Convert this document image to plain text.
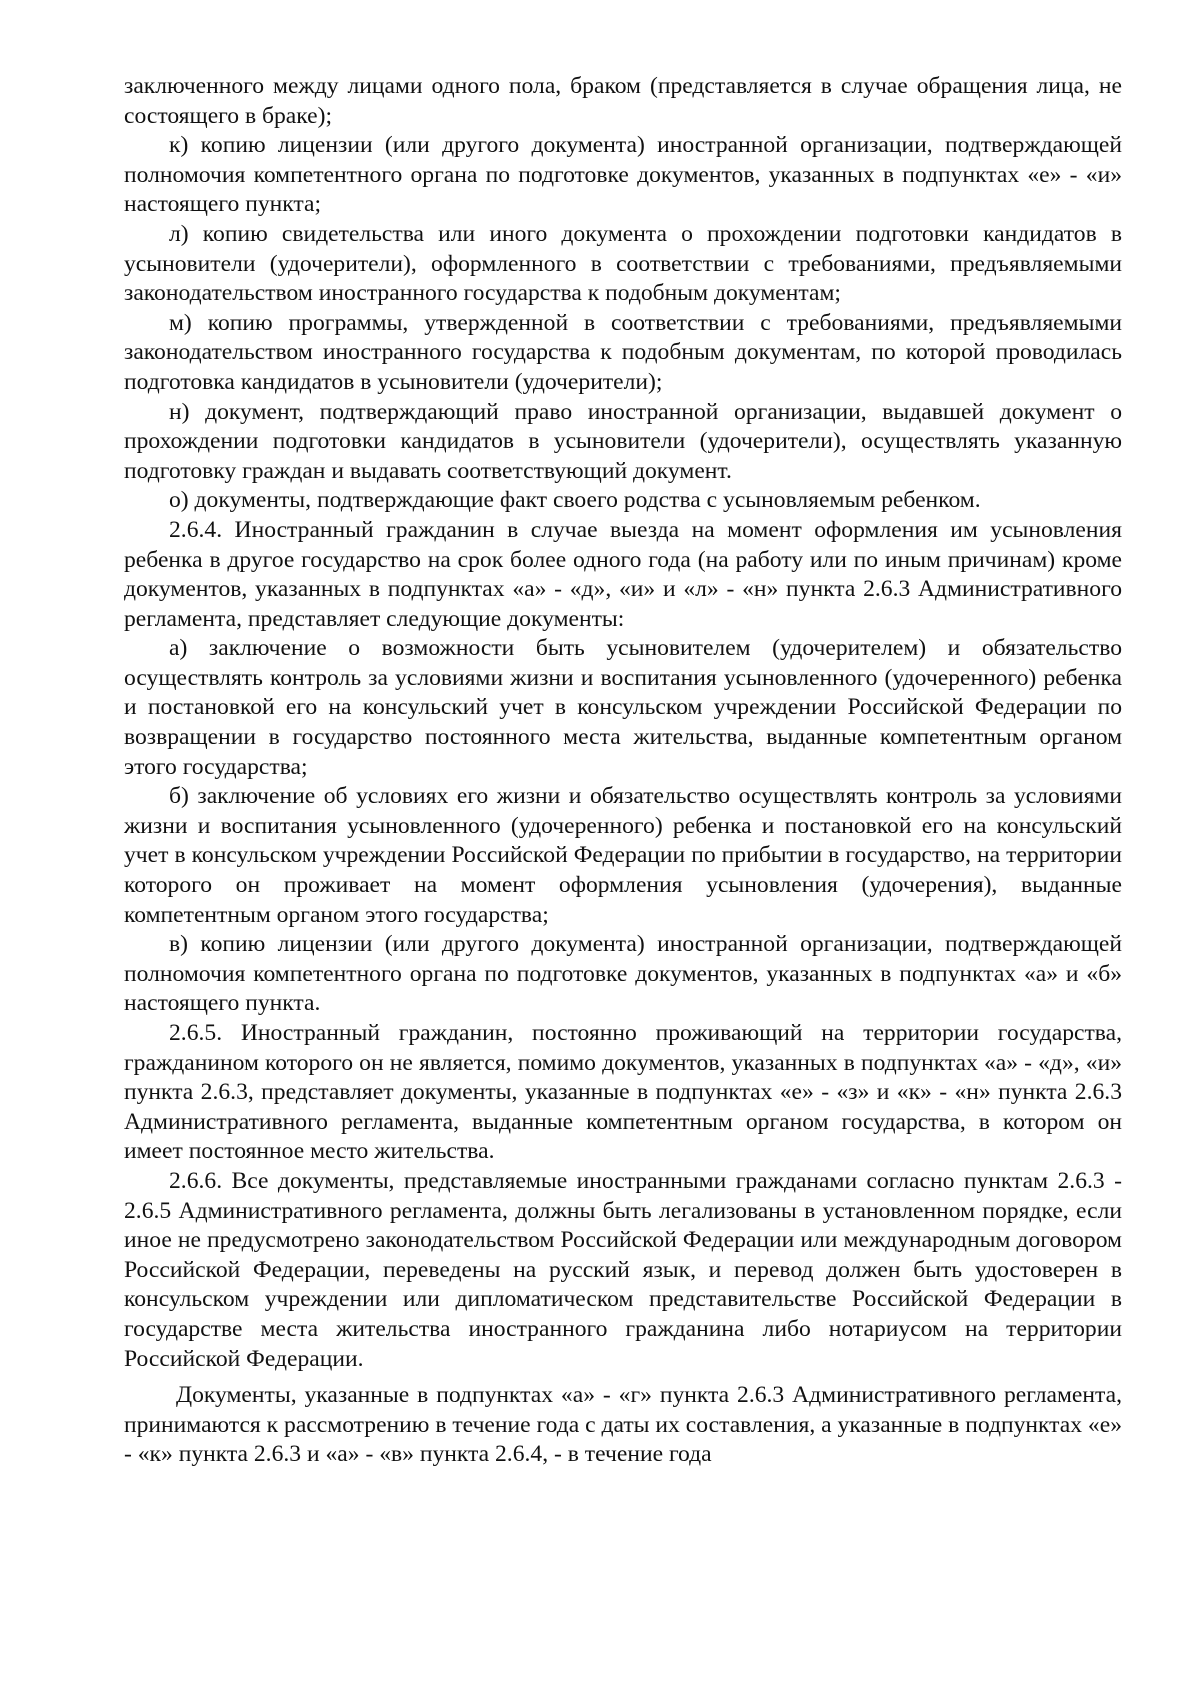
заключенного между лицами одного пола, браком (представляется в случае обращения лица, не состоящего в браке);

к) копию лицензии (или другого документа) иностранной организации, подтверждающей полномочия компетентного органа по подготовке документов, указанных в подпунктах «е» - «и» настоящего пункта;

л) копию свидетельства или иного документа о прохождении подготовки кандидатов в усыновители (удочерители), оформленного в соответствии с требованиями, предъявляемыми законодательством иностранного государства к подобным документам;

м) копию программы, утвержденной в соответствии с требованиями, предъявляемыми законодательством иностранного государства к подобным документам, по которой проводилась подготовка кандидатов в усыновители (удочерители);

н) документ, подтверждающий право иностранной организации, выдавшей документ о прохождении подготовки кандидатов в усыновители (удочерители), осуществлять указанную подготовку граждан и выдавать соответствующий документ.

о) документы, подтверждающие факт своего родства с усыновляемым ребенком.

2.6.4. Иностранный гражданин в случае выезда на момент оформления им усыновления ребенка в другое государство на срок более одного года (на работу или по иным причинам) кроме документов, указанных в подпунктах «а» - «д», «и» и «л» - «н» пункта 2.6.3 Административного регламента, представляет следующие документы:

а) заключение о возможности быть усыновителем (удочерителем) и обязательство осуществлять контроль за условиями жизни и воспитания усыновленного (удочеренного) ребенка и постановкой его на консульский учет в консульском учреждении Российской Федерации по возвращении в государство постоянного места жительства, выданные компетентным органом этого государства;

б) заключение об условиях его жизни и обязательство осуществлять контроль за условиями жизни и воспитания усыновленного (удочеренного) ребенка и постановкой его на консульский учет в консульском учреждении Российской Федерации по прибытии в государство, на территории которого он проживает на момент оформления усыновления (удочерения), выданные компетентным органом этого государства;

в) копию лицензии (или другого документа) иностранной организации, подтверждающей полномочия компетентного органа по подготовке документов, указанных в подпунктах «а» и «б» настоящего пункта.

2.6.5. Иностранный гражданин, постоянно проживающий на территории государства, гражданином которого он не является, помимо документов, указанных в подпунктах «а» - «д», «и» пункта 2.6.3, представляет документы, указанные в подпунктах «е» - «з» и «к» - «н» пункта 2.6.3 Административного регламента, выданные компетентным органом государства, в котором он имеет постоянное место жительства.

2.6.6. Все документы, представляемые иностранными гражданами согласно пунктам 2.6.3 - 2.6.5 Административного регламента, должны быть легализованы в установленном порядке, если иное не предусмотрено законодательством Российской Федерации или международным договором Российской Федерации, переведены на русский язык, и перевод должен быть удостоверен в консульском учреждении или дипломатическом представительстве Российской Федерации в государстве места жительства иностранного гражданина либо нотариусом на территории Российской Федерации.

Документы, указанные в подпунктах «а» - «г» пункта 2.6.3 Административного регламента, принимаются к рассмотрению в течение года с даты их составления, а указанные в подпунктах «е» - «к» пункта 2.6.3 и «а» - «в» пункта 2.6.4, - в течение года
